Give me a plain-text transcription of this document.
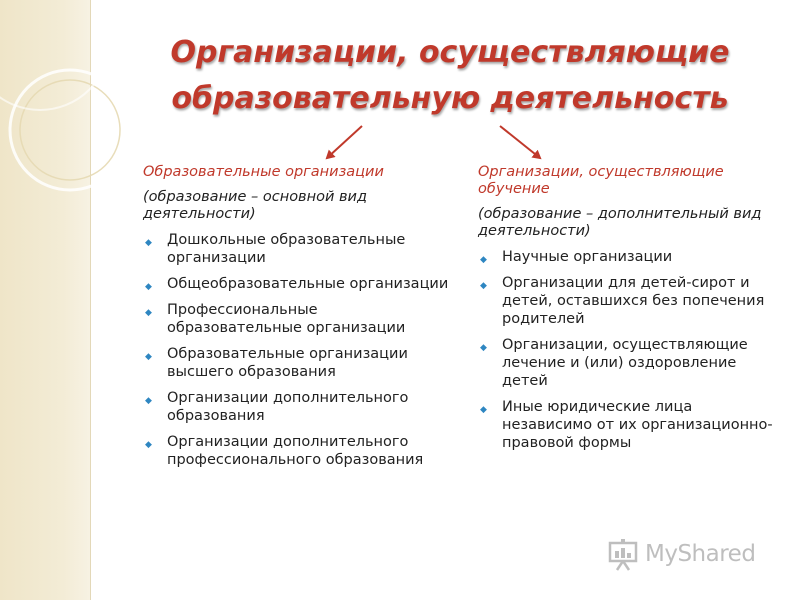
Организации, осуществляющие
образовательную деятельность

Образовательные организации

(образование – основной вид деятельности)

◆ Дошкольные образовательные организации
◆ Общеобразовательные организации
◆ Профессиональные образовательные организации
◆ Образовательные организации высшего образования
◆ Организации дополнительного образования
◆ Организации дополнительного профессионального образования

Организации, осуществляющие обучение

(образование – дополнительный вид деятельности)

◆ Научные организации
◆ Организации для детей-сирот и детей, оставшихся без попечения родителей
◆ Организации, осуществляющие лечение и (или) оздоровление детей
◆ Иные юридические лица независимо от их организационно-правовой формы
MyShared
